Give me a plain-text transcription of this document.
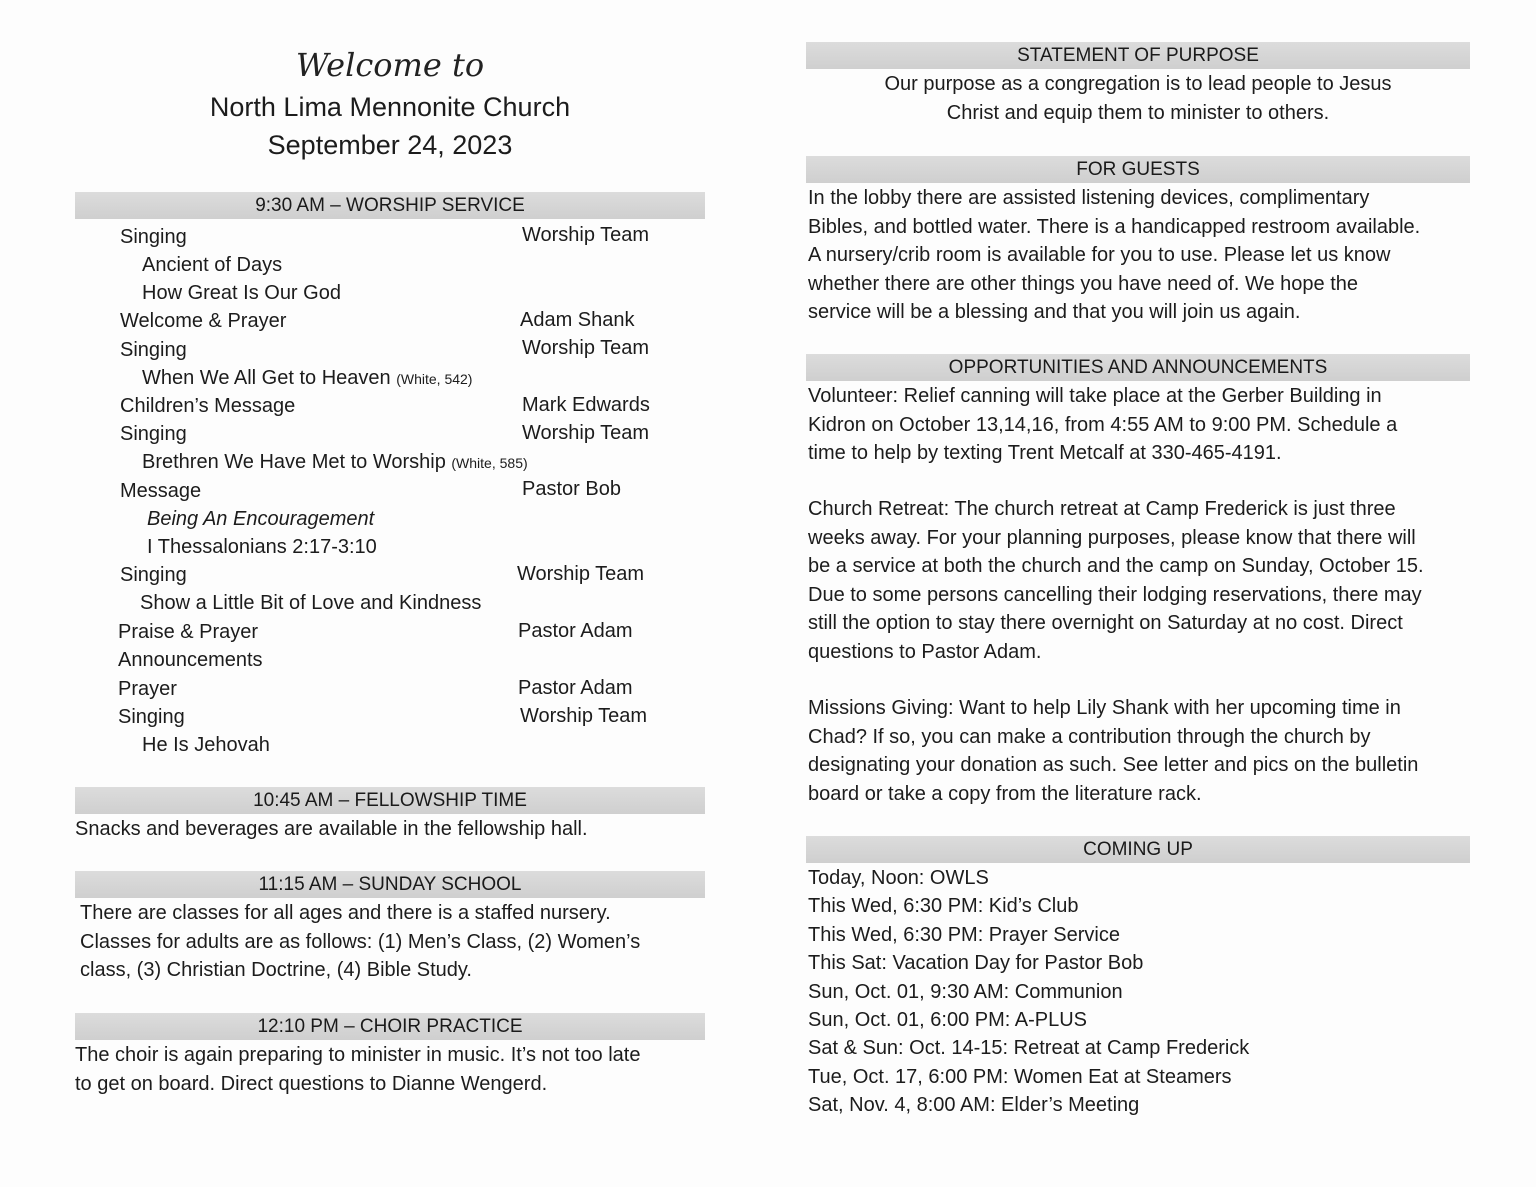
Welcome to
North Lima Mennonite Church
September 24, 2023
9:30 AM – WORSHIP SERVICE
Singing	Worship Team
Ancient of Days
How Great Is Our God
Welcome & Prayer	Adam Shank
Singing	Worship Team
When We All Get to Heaven (White, 542)
Children’s Message	Mark Edwards
Singing	Worship Team
Brethren We Have Met to Worship (White, 585)
Message	Pastor Bob
Being An Encouragement
I Thessalonians 2:17-3:10
Singing	Worship Team
Show a Little Bit of Love and Kindness
Praise & Prayer	Pastor Adam
Announcements
Prayer	Pastor Adam
Singing	Worship Team
He Is Jehovah
10:45 AM – FELLOWSHIP TIME
Snacks and beverages are available in the fellowship hall.
11:15 AM – SUNDAY SCHOOL
There are classes for all ages and there is a staffed nursery.
Classes for adults are as follows: (1) Men’s Class, (2) Women’s
class, (3) Christian Doctrine, (4) Bible Study.
12:10 PM – CHOIR PRACTICE
The choir is again preparing to minister in music. It’s not too late
to get on board. Direct questions to Dianne Wengerd.
STATEMENT OF PURPOSE
Our purpose as a congregation is to lead people to Jesus
Christ and equip them to minister to others.
FOR GUESTS
In the lobby there are assisted listening devices, complimentary
Bibles, and bottled water. There is a handicapped restroom available.
A nursery/crib room is available for you to use. Please let us know
whether there are other things you have need of. We hope the
service will be a blessing and that you will join us again.
OPPORTUNITIES AND ANNOUNCEMENTS
Volunteer: Relief canning will take place at the Gerber Building in
Kidron on October 13,14,16, from 4:55 AM to 9:00 PM. Schedule a
time to help by texting Trent Metcalf at 330-465-4191.
Church Retreat: The church retreat at Camp Frederick is just three
weeks away. For your planning purposes, please know that there will
be a service at both the church and the camp on Sunday, October 15.
Due to some persons cancelling their lodging reservations, there may
still the option to stay there overnight on Saturday at no cost. Direct
questions to Pastor Adam.
Missions Giving: Want to help Lily Shank with her upcoming time in
Chad? If so, you can make a contribution through the church by
designating your donation as such. See letter and pics on the bulletin
board or take a copy from the literature rack.
COMING UP
Today, Noon: OWLS
This Wed, 6:30 PM: Kid’s Club
This Wed, 6:30 PM: Prayer Service
This Sat: Vacation Day for Pastor Bob
Sun, Oct. 01, 9:30 AM: Communion
Sun, Oct. 01, 6:00 PM: A-PLUS
Sat & Sun: Oct. 14-15: Retreat at Camp Frederick
Tue, Oct. 17, 6:00 PM: Women Eat at Steamers
Sat, Nov. 4, 8:00 AM: Elder’s Meeting
